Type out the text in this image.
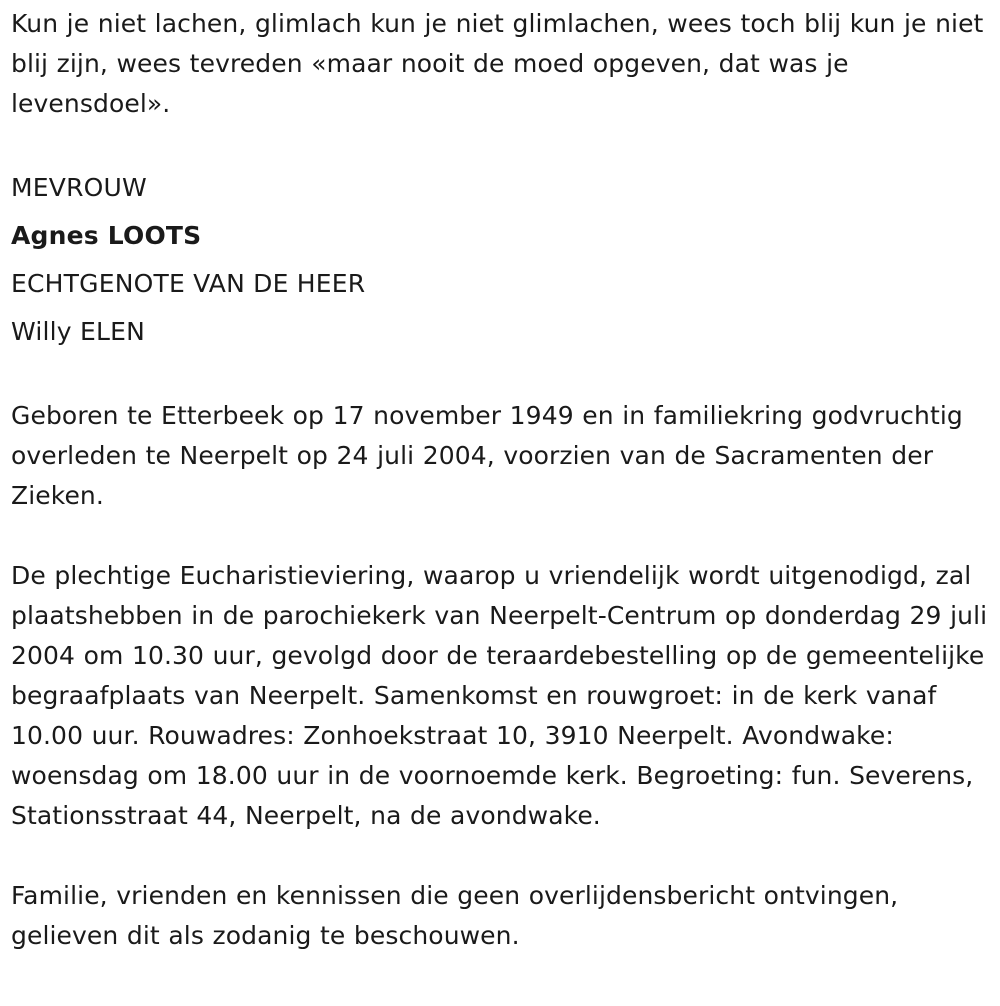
Kun je niet lachen, glimlach kun je niet glimlachen, wees toch blij kun je niet blij zijn, wees tevreden «maar nooit de moed opgeven, dat was je levensdoel».

MEVROUW

Agnes LOOTS

ECHTGENOTE VAN DE HEER

Willy ELEN

Geboren te Etterbeek op 17 november 1949 en in familiekring godvruchtig overleden te Neerpelt op 24 juli 2004, voorzien van de Sacramenten der Zieken.

De plechtige Eucharistieviering, waarop u vriendelijk wordt uitgenodigd, zal plaatshebben in de parochiekerk van Neerpelt-Centrum op donderdag 29 juli 2004 om 10.30 uur, gevolgd door de teraardebestelling op de gemeentelijke begraafplaats van Neerpelt. Samenkomst en rouwgroet: in de kerk vanaf 10.00 uur. Rouwadres: Zonhoekstraat 10, 3910 Neerpelt. Avondwake: woensdag om 18.00 uur in de voornoemde kerk. Begroeting: fun. Severens, Stationsstraat 44, Neerpelt, na de avondwake.

Familie, vrienden en kennissen die geen overlijdensbericht ontvingen, gelieven dit als zodanig te beschouwen.
